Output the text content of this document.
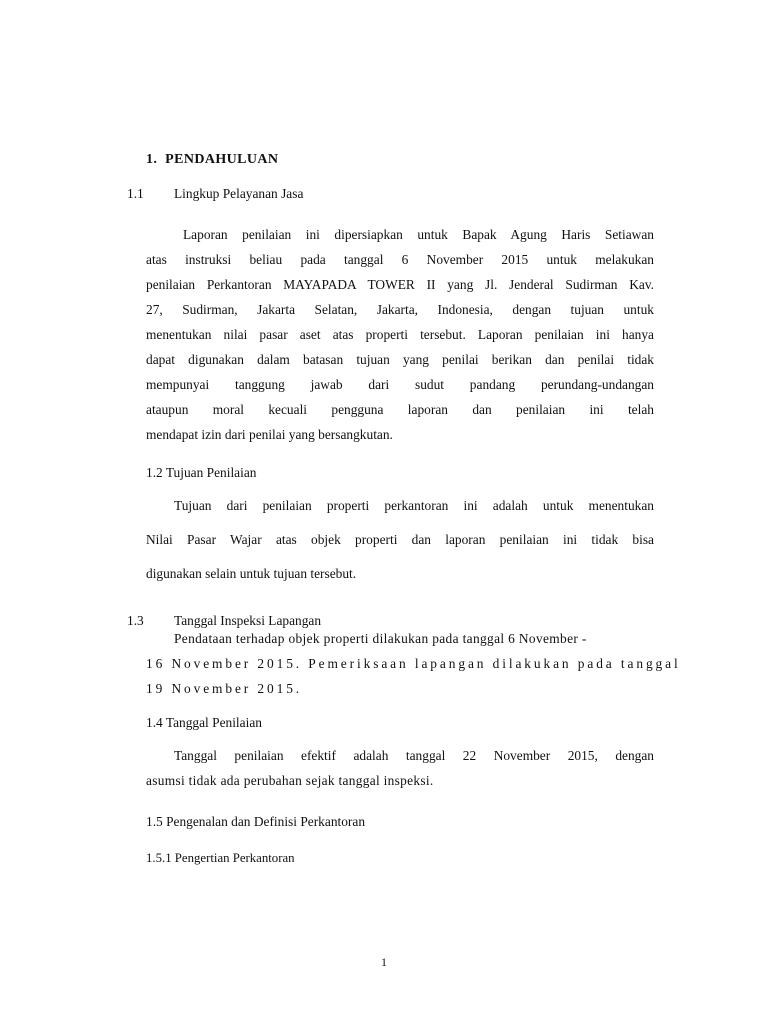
1. PENDAHULUAN
1.1 Lingkup Pelayanan Jasa
Laporan penilaian ini dipersiapkan untuk Bapak Agung Haris Setiawan
atas instruksi beliau pada tanggal 6 November 2015 untuk melakukan
penilaian Perkantoran MAYAPADA TOWER II yang Jl. Jenderal Sudirman Kav.
27, Sudirman, Jakarta Selatan, Jakarta, Indonesia, dengan tujuan untuk
menentukan nilai pasar aset atas properti tersebut. Laporan penilaian ini hanya
dapat digunakan dalam batasan tujuan yang penilai berikan dan penilai tidak
mempunyai tanggung jawab dari sudut pandang perundang-undangan
ataupun moral kecuali pengguna laporan dan penilaian ini telah
mendapat izin dari penilai yang bersangkutan.
1.2 Tujuan Penilaian
Tujuan dari penilaian properti perkantoran ini adalah untuk menentukan
Nilai Pasar Wajar atas objek properti dan laporan penilaian ini tidak bisa
digunakan selain untuk tujuan tersebut.
1.3 Tanggal Inspeksi Lapangan
Pendataan terhadap objek properti dilakukan pada tanggal 6 November -
16 November 2015. Pemeriksaan lapangan dilakukan pada tanggal
19 November 2015.
1.4 Tanggal Penilaian
Tanggal penilaian efektif adalah tanggal 22 November 2015, dengan
asumsi tidak ada perubahan sejak tanggal inspeksi.
1.5 Pengenalan dan Definisi Perkantoran
1.5.1 Pengertian Perkantoran
1
